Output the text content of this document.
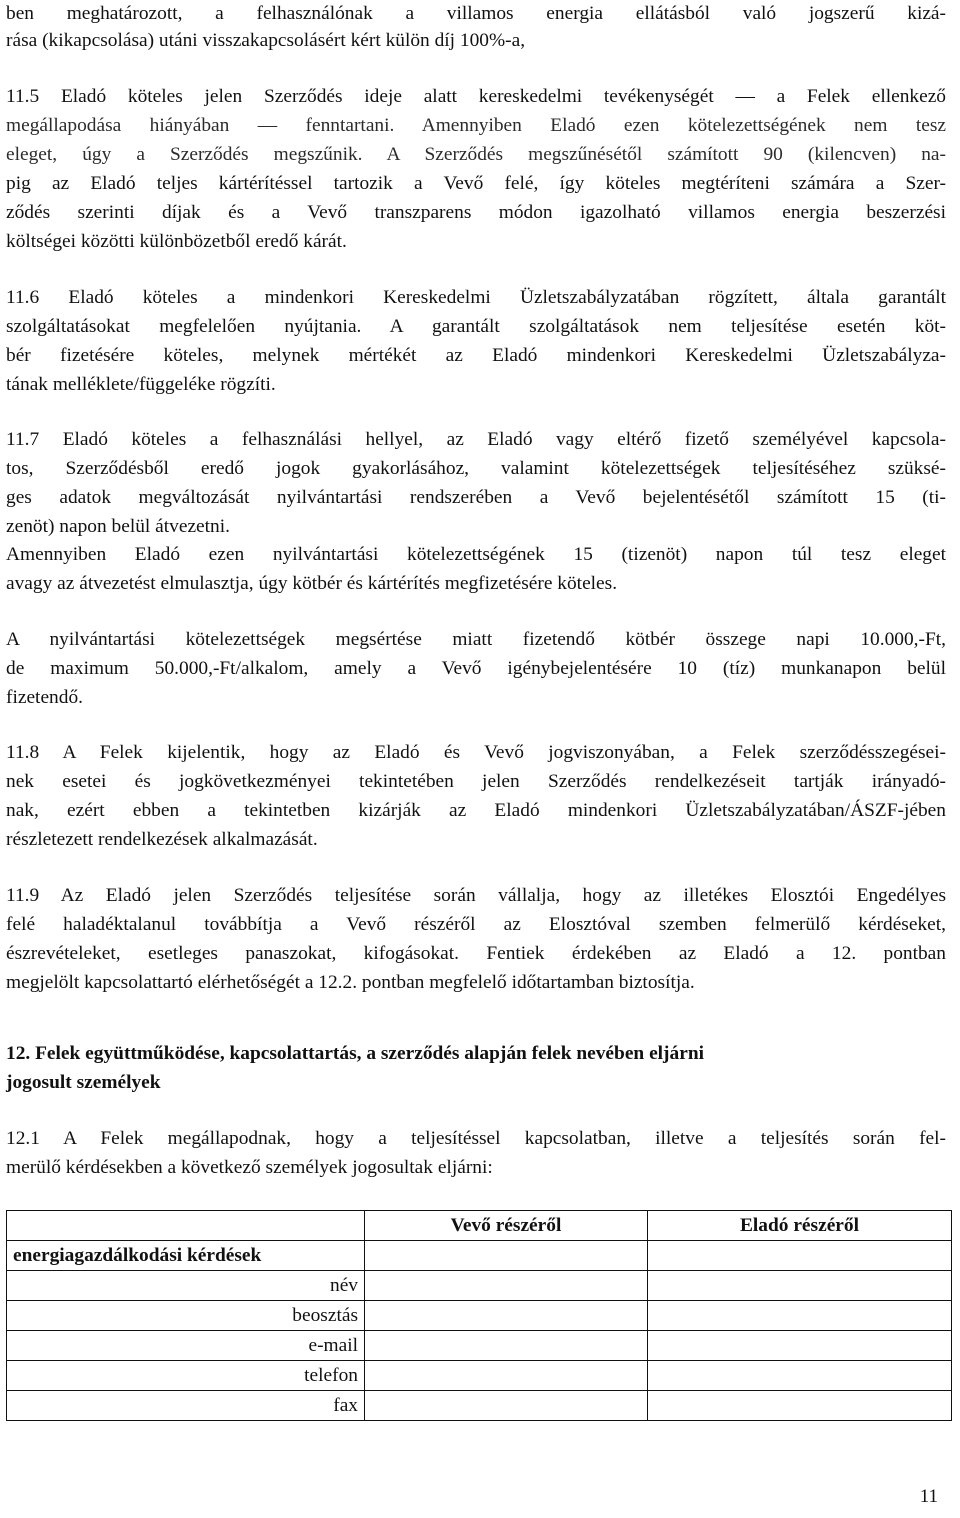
ben meghatározott, a felhasználónak a villamos energia ellátásból való jogszerű kizá-
rása (kikapcsolása) utáni visszakapcsolásért kért külön díj 100%-a,
11.5 Eladó köteles jelen Szerződés ideje alatt kereskedelmi tevékenységét — a Felek ellenkező
megállapodása hiányában — fenntartani. Amennyiben Eladó ezen kötelezettségének nem tesz
eleget, úgy a Szerződés megszűnik. A Szerződés megszűnésétől számított 90 (kilencven) na-
pig az Eladó teljes kártérítéssel tartozik a Vevő felé, így köteles megtéríteni számára a Szer-
ződés szerinti díjak és a Vevő transzparens módon igazolható villamos energia beszerzési
költségei közötti különbözetből eredő kárát.
11.6 Eladó köteles a mindenkori Kereskedelmi Üzletszabályzatában rögzített, általa garantált
szolgáltatásokat megfelelően nyújtania. A garantált szolgáltatások nem teljesítése esetén köt-
bér fizetésére köteles, melynek mértékét az Eladó mindenkori Kereskedelmi Üzletszabályza-
tának melléklete/függeléke rögzíti.
11.7 Eladó köteles a felhasználási hellyel, az Eladó vagy eltérő fizető személyével kapcsola-
tos, Szerződésből eredő jogok gyakorlásához, valamint kötelezettségek teljesítéséhez szüksé-
ges adatok megváltozását nyilvántartási rendszerében a Vevő bejelentésétől számított 15 (ti-
zenöt) napon belül átvezetni.
Amennyiben Eladó ezen nyilvántartási kötelezettségének 15 (tizenöt) napon túl tesz eleget
avagy az átvezetést elmulasztja, úgy kötbér és kártérítés megfizetésére köteles.
A nyilvántartási kötelezettségek megsértése miatt fizetendő kötbér összege napi 10.000,-Ft,
de maximum 50.000,-Ft/alkalom, amely a Vevő igénybejelentésére 10 (tíz) munkanapon belül
fizetendő.
11.8 A Felek kijelentik, hogy az Eladó és Vevő jogviszonyában, a Felek szerződésszegései-
nek esetei és jogkövetkezményei tekintetében jelen Szerződés rendelkezéseit tartják irányadó-
nak, ezért ebben a tekintetben kizárják az Eladó mindenkori Üzletszabályzatában/ÁSZF-jében
részletezett rendelkezések alkalmazását.
11.9 Az Eladó jelen Szerződés teljesítése során vállalja, hogy az illetékes Elosztói Engedélyes
felé haladéktalanul továbbítja a Vevő részéről az Elosztóval szemben felmerülő kérdéseket,
észrevételeket, esetleges panaszokat, kifogásokat. Fentiek érdekében az Eladó a 12. pontban
megjelölt kapcsolattartó elérhetőségét a 12.2. pontban megfelelő időtartamban biztosítja.
12. Felek együttműködése, kapcsolattartás, a szerződés alapján felek nevében eljárni
jogosult személyek
12.1 A Felek megállapodnak, hogy a teljesítéssel kapcsolatban, illetve a teljesítés során fel-
merülő kérdésekben a következő személyek jogosultak eljárni:
	Vevő részéről	Eladó részéről
energiagazdálkodási kérdések		
név		
beosztás		
e-mail		
telefon		
fax		
11
